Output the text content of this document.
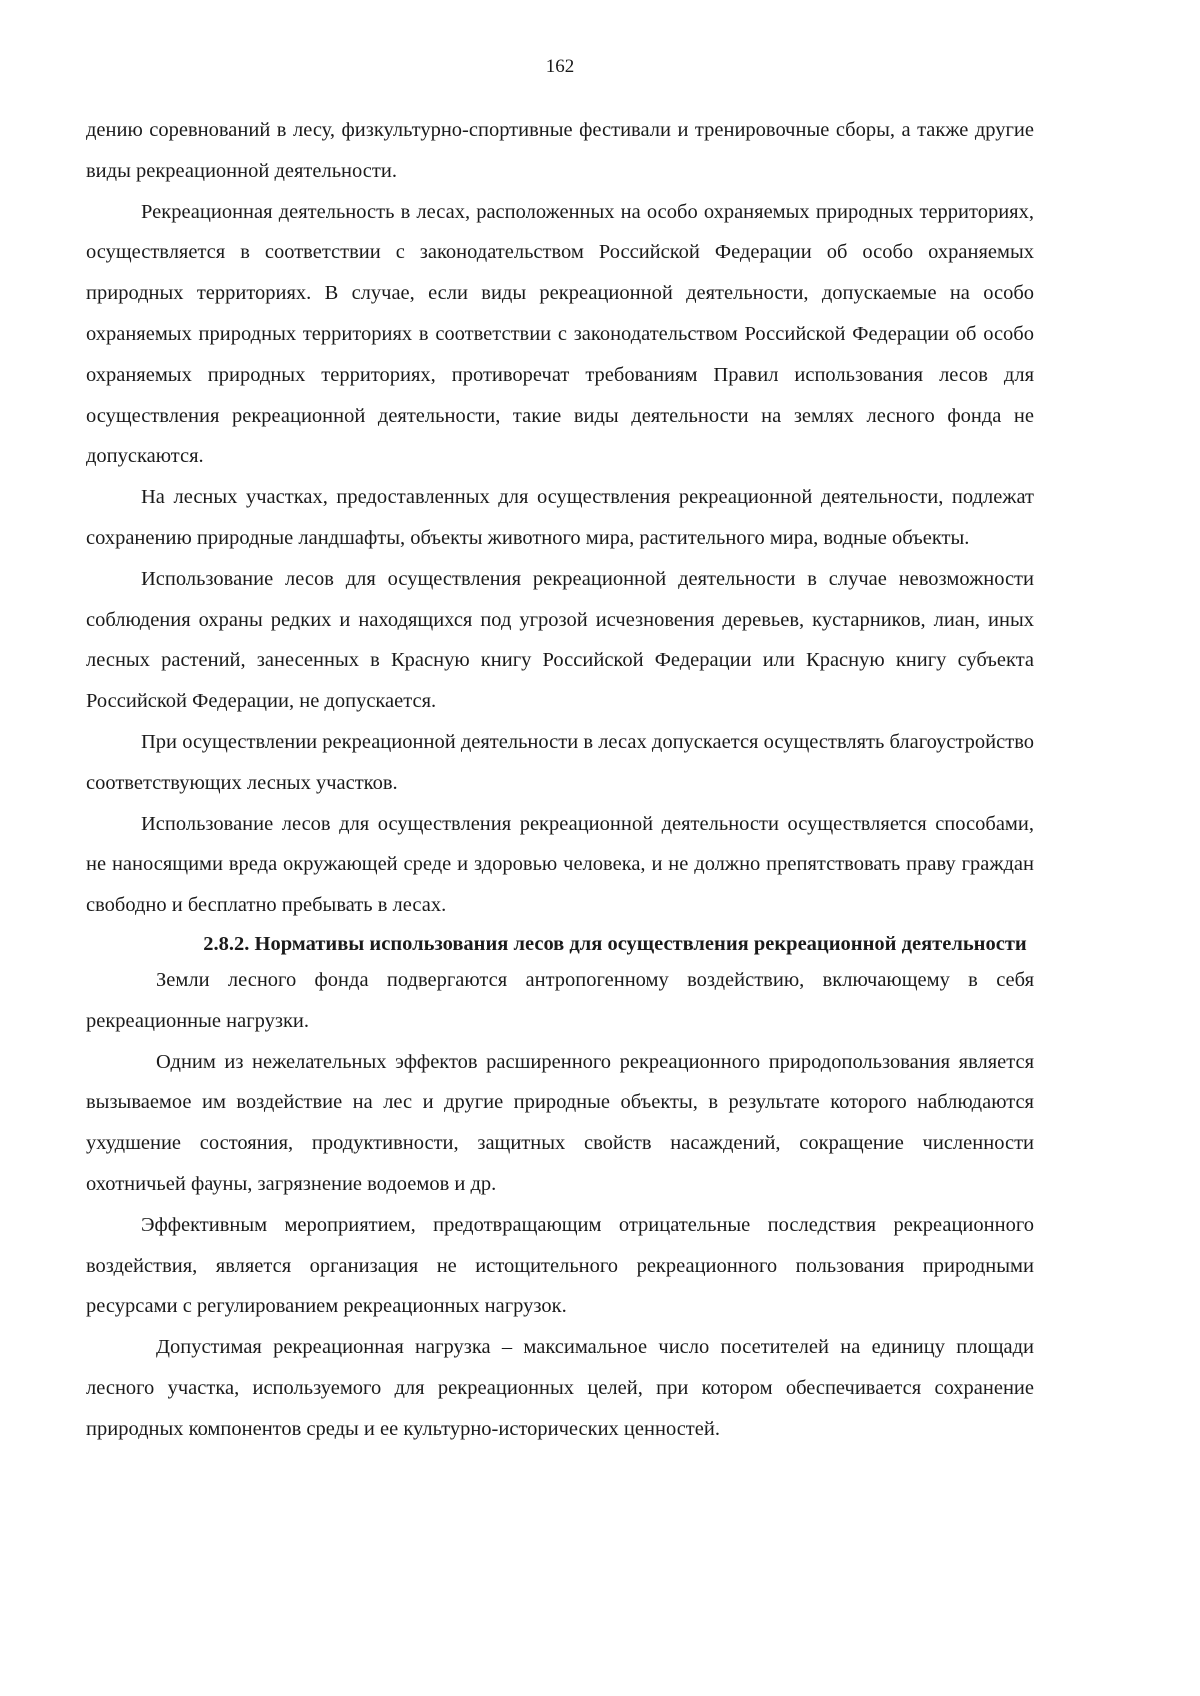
162

дению соревнований в лесу, физкультурно-спортивные фестивали и тренировочные сборы, а также другие виды рекреационной деятельности.

Рекреационная деятельность в лесах, расположенных на особо охраняемых природных территориях, осуществляется в соответствии с законодательством Российской Федерации об особо охраняемых природных территориях. В случае, если виды рекреационной деятельности, допускаемые на особо охраняемых природных территориях в соответствии с законодательством Российской Федерации об особо охраняемых природных территориях, противоречат требованиям Правил использования лесов для осуществления рекреационной деятельности, такие виды деятельности на землях лесного фонда не допускаются.

На лесных участках, предоставленных для осуществления рекреационной деятельности, подлежат сохранению природные ландшафты, объекты животного мира, растительного мира, водные объекты.

Использование лесов для осуществления рекреационной деятельности в случае невозможности соблюдения охраны редких и находящихся под угрозой исчезновения деревьев, кустарников, лиан, иных лесных растений, занесенных в Красную книгу Российской Федерации или Красную книгу субъекта Российской Федерации, не допускается.

При осуществлении рекреационной деятельности в лесах допускается осуществлять благоустройство соответствующих лесных участков.

Использование лесов для осуществления рекреационной деятельности осуществляется способами, не наносящими вреда окружающей среде и здоровью человека, и не должно препятствовать праву граждан свободно и бесплатно пребывать в лесах.

2.8.2. Нормативы использования лесов для осуществления рекреационной деятельности

Земли лесного фонда подвергаются антропогенному воздействию, включающему в себя рекреационные нагрузки.

Одним из нежелательных эффектов расширенного рекреационного природопользования является вызываемое им воздействие на лес и другие природные объекты, в результате которого наблюдаются ухудшение состояния, продуктивности, защитных свойств насаждений, сокращение численности охотничьей фауны, загрязнение водоемов и др.

Эффективным мероприятием, предотвращающим отрицательные последствия рекреационного воздействия, является организация не истощительного рекреационного пользования природными ресурсами с регулированием рекреационных нагрузок.

Допустимая рекреационная нагрузка – максимальное число посетителей на единицу площади лесного участка, используемого для рекреационных целей, при котором обеспечивается сохранение природных компонентов среды и ее культурно-исторических ценностей.
